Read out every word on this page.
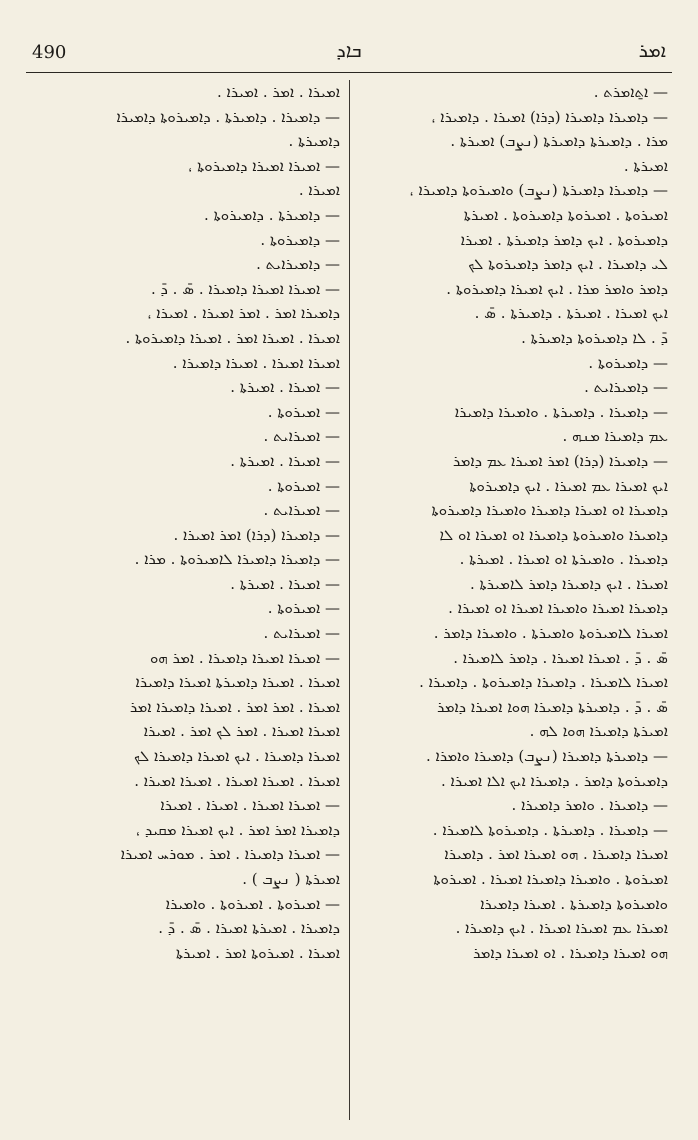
490	ܒܐܕ	ܐܡܪ
— ܐ̱ܬܐܡܪܬ .
— ܕܐܡܝܪܐ ܕܐܡܝܪܐ (ܕܪܐ) ܐܡܝܪܐ . ܕܐܡܝܪܐ ،
ܡܪܐ . ܕܐܡܝܪܬܐ ܕܐܡܝܪܬܐ (ܢܨܒ) ܐܡܝܪܬܐ .
ܐܡܝܪܬܐ .
— ܕܐܡܝܪܐ ܕܐܡܝܪܬܐ (ܢܨܒ) ܘܐܡܝܪܘܬܐ ܕܐܡܝܪܐ ،
ܐܡܝܪܘܬܐ . ܐܡܝܪܘܬܐ ܕܐܡܝܪܘܬܐ . ܐܡܝܪܬܐ
ܕܐܡܝܪܘܬܐ . ܐܝܟ ܕܐܡܪ ܕܐܡܝܪܬܐ . ܐܡܝܪܐ
ܠܝ ܕܐܡܝܪܐ . ܐܝܟ ܕܐܡܪ ܕܐܡܝܪܘܬܐ ܠܟ
ܕܐܡܪ ܘܐܡܪ ܡܪܐ . ܐܝܟ ܐܡܝܪܐ ܕܐܡܝܪܘܬܐ .
ܐܝܟ ܐܡܝܪܐ . ܐܡܝܪܬܐ . ܕܐܡܝܪܬܐ . ܣ̄ .
ܕ̄ . ܠܐ ܕܐܡܝܪܘܬܐ ܕܐܡܝܪܬܐ .
— ܕܐܡܝܪܘܬܐ .
— ܕܐܡܝܪܐܝܬ .
— ܕܐܡܝܪܐ . ܕܐܡܝܪܬܐ . ܘܐܡܝܪܐ ܕܐܡܝܪܐ
ܥܡ ܕܐܡܝܪܐ ܡܢܗ .
— ܕܐܡܝܪܐ (ܕܪܐ) ܐܡܪ ܐܡܝܪܐ ܥܡ ܕܐܡܪ
ܐܝܟ ܐܡܝܪܐ ܥܡ ܐܡܝܪܐ . ܐܝܟ ܕܐܡܝܪܘܬܐ
ܕܐܡܝܪܐ ܐܘ ܐܡܝܪܐ ܕܐܡܝܪܐ ܘܐܡܝܪܐ ܕܐܡܝܪܘܬܐ
ܕܐܡܝܪܐ ܘܐܡܝܪܘܬܐ ܕܐܡܝܪܐ ܐܘ ܐܡܝܪܐ ܐܘ ܠܐ
ܕܐܡܝܪܐ . ܘܐܡܝܪܬܐ ܐܘ ܐܡܝܪܐ . ܐܡܝܪܬܐ .
ܐܡܝܪܐ . ܐܝܟ ܕܐܡܝܪܐ ܕܐܡܪ ܠܐܡܝܪܬܐ .
ܕܐܡܝܪܐ ܐܡܝܪܐ ܘܐܡܝܪܐ ܐܡܝܪܐ ܐܘ ܐܡܝܪܐ .
ܐܡܝܪܐ ܠܐܡܝܪܘܬܐ ܘܐܡܝܪܬܐ . ܘܐܡܝܪܐ ܕܐܡܪ .
ܣ̄ . ܕ̄ . ܐܡܝܪܐ ܐܡܝܪܐ . ܕܐܡܪ ܠܐܡܝܪܐ .
ܐܡܝܪܐ ܠܐܡܝܪܐ . ܕܐܡܝܪܐ ܕܐܡܝܪܘܬܐ . ܕܐܡܝܪܐ .
ܣ̄ . ܕ̄ . ܕܐܡܝܪܬܐ ܕܐܡܝܪܐ ܗܘܐ ܐܡܝܪܐ ܕܐܡܪ
ܐܡܝܪܬܐ ܕܐܡܝܪܐ ܗܘܐ ܠܗ .
— ܕܐܡܝܪܬܐ ܕܐܡܝܪܐ (ܢܨܒ) ܕܐܡܝܪܐ ܘܐܡܪܐ .
ܕܐܡܝܪܘܬܐ ܕܐܡܪ . ܕܐܡܝܪܐ ܐܝܟ ܐܠܐ ܐܡܝܪܐ .
— ܕܐܡܝܪܐ . ܘܐܡܪ ܕܐܡܝܪܐ .
— ܕܐܡܝܪܐ . ܕܐܡܝܪܬܐ . ܕܐܡܝܪܘܬܐ ܠܐܡܝܪܐ .
ܐܡܝܪܐ ܕܐܡܝܪܐ . ܗܘ ܐܡܝܪܐ ܐܡܪ . ܕܐܡܝܪܐ
ܐܡܝܪܘܬܐ . ܘܐܡܝܪܐ ܕܐܡܝܪܐ ܐܡܝܪܐ . ܐܡܝܪܘܬܐ
ܘܐܡܝܪܘܬܐ ܕܐܡܝܪܬܐ . ܐܡܝܪܐ ܕܐܡܝܪܐ
ܐܡܝܪܐ ܥܡ ܐܡܝܪܐ ܐܡܝܪܐ . ܐܝܟ ܕܐܡܝܪܐ .
ܗܘ ܐܡܝܪܐ ܕܐܡܝܪܐ . ܐܘ ܐܡܝܪܐ ܕܐܡܪ
ܐܡܝܪܐ . ܐܡܪ . ܐܡܝܪܐ .
— ܕܐܡܝܪܐ . ܕܐܡܝܪܬܐ . ܕܐܡܝܪܘܬܐ ܕܐܡܝܪܐ
ܕܐܡܝܪܬܐ .
— ܐܡܝܪܐ ܐܡܝܪܐ ܕܐܡܝܪܘܬܐ ،
ܐܡܝܪܐ .
— ܕܐܡܝܪܬܐ . ܕܐܡܝܪܘܬܐ .
— ܕܐܡܝܪܘܬܐ .
— ܕܐܡܝܪܐܝܬ .
— ܐܡܝܪܐ ܐܡܝܪܐ ܕܐܡܝܪܐ . ܣ̄ . ܕ̄ .
ܕܐܡܝܪܐ ܐܡܪ . ܐܡܪ ܐܡܝܪܐ . ܐܡܝܪܐ ،
ܐܡܝܪܐ . ܐܡܝܪܐ ܐܡܪ . ܐܡܝܪܐ ܕܐܡܝܪܘܬܐ .
ܐܡܝܪܐ ܐܡܝܪܐ . ܐܡܝܪܐ ܕܐܡܝܪܐ .
— ܐܡܝܪܐ . ܐܡܝܪܬܐ .
— ܐܡܝܪܘܬܐ .
— ܐܡܝܪܐܝܬ .
— ܐܡܝܪܐ . ܐܡܝܪܬܐ .
— ܐܡܝܪܘܬܐ .
— ܐܡܝܪܐܝܬ .
— ܕܐܡܝܪܐ (ܕܪܐ) ܐܡܪ ܐܡܝܪܐ .
— ܕܐܡܝܪܐ ܕܐܡܝܪܐ ܠܐܡܝܪܘܬܐ . ܡܪܐ .
— ܐܡܝܪܐ . ܐܡܝܪܬܐ .
— ܐܡܝܪܘܬܐ .
— ܐܡܝܪܐܝܬ .
— ܐܡܝܪܐ ܐܡܝܪܐ ܕܐܡܝܪܐ . ܐܡܪ ܗܘ
ܐܡܝܪܐ . ܐܡܝܪܐ ܕܐܡܝܪܬܐ ܐܡܝܪܐ ܕܐܡܝܪܐ
ܐܡܝܪܐ . ܐܡܪ ܐܡܪ . ܐܡܝܪܐ ܕܐܡܝܪܐ ܐܡܪ
ܐܡܝܪܐ ܐܡܝܪܐ . ܐܡܪ ܠܟ ܐܡܪ . ܐܡܝܪܐ
ܐܡܝܪܐ ܕܐܡܝܪܐ . ܐܝܟ ܐܡܝܪܐ ܕܐܡܝܪܐ ܠܟ
ܐܡܝܪܐ . ܐܡܝܪܐ ܐܡܝܪܐ . ܐܡܝܪܐ ܐܡܝܪܐ .
— ܐܡܝܪܐ ܐܡܝܪܐ . ܐܡܝܪܐ . ܐܡܝܪܐ
ܕܐܡܝܪܐ ܐܡܪ ܐܡܪ . ܐܝܟ ܐܡܝܪܐ ܡܩܝܕ ،
— ܐܡܝܪܐ ܕܐܡܝܪܐ . ܐܡܪ . ܡܘܪܚ ܐܡܝܪܐ
ܐܡܝܪܬܐ ( ܢܨܒ ) .
— ܐܡܝܪܘܬܐ . ܐܡܝܪܘܬܐ . ܘܐܡܝܪܐ
ܕܐܡܝܪܐ . ܐܡܝܪܬܐ ܐܡܝܪܐ . ܣ̄ . ܕ̄ .
ܐܡܝܪܐ . ܐܡܝܪܘܬܐ ܐܡܪ . ܐܡܝܪܬܐ
